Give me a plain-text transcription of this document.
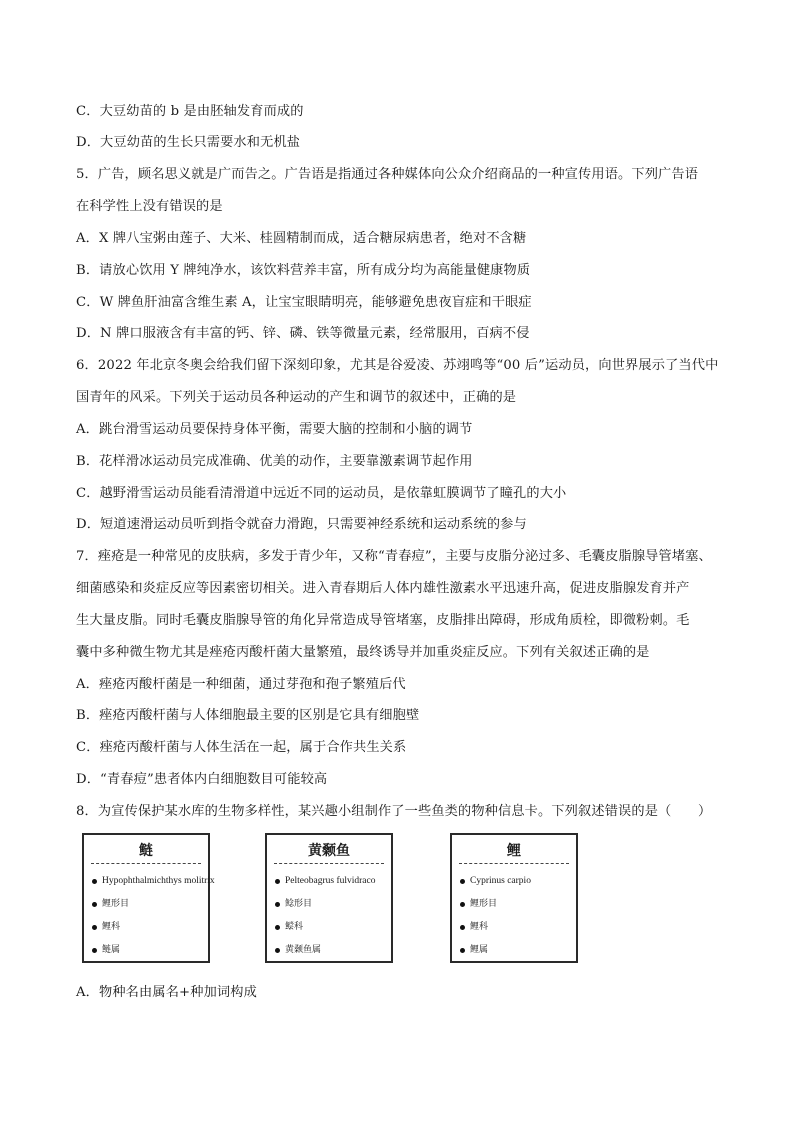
C．大豆幼苗的 b 是由胚轴发育而成的
D．大豆幼苗的生长只需要水和无机盐
5．广告，顾名思义就是广而告之。广告语是指通过各种媒体向公众介绍商品的一种宣传用语。下列广告语
在科学性上没有错误的是
A．X 牌八宝粥由莲子、大米、桂圆精制而成，适合糖尿病患者，绝对不含糖
B．请放心饮用 Y 牌纯净水，该饮料营养丰富，所有成分均为高能量健康物质
C．W 牌鱼肝油富含维生素 A，让宝宝眼睛明亮，能够避免患夜盲症和干眼症
D．N 牌口服液含有丰富的钙、锌、磷、铁等微量元素，经常服用，百病不侵
6．2022 年北京冬奥会给我们留下深刻印象，尤其是谷爱凌、苏翊鸣等“00 后”运动员，向世界展示了当代中
国青年的风采。下列关于运动员各种运动的产生和调节的叙述中，正确的是
A．跳台滑雪运动员要保持身体平衡，需要大脑的控制和小脑的调节
B．花样滑冰运动员完成准确、优美的动作，主要靠激素调节起作用
C．越野滑雪运动员能看清滑道中远近不同的运动员，是依靠虹膜调节了瞳孔的大小
D．短道速滑运动员听到指令就奋力滑跑，只需要神经系统和运动系统的参与
7．痤疮是一种常见的皮肤病，多发于青少年，又称“青春痘”，主要与皮脂分泌过多、毛囊皮脂腺导管堵塞、
细菌感染和炎症反应等因素密切相关。进入青春期后人体内雄性激素水平迅速升高，促进皮脂腺发育并产
生大量皮脂。同时毛囊皮脂腺导管的角化异常造成导管堵塞，皮脂排出障碍，形成角质栓，即微粉刺。毛
囊中多种微生物尤其是痤疮丙酸杆菌大量繁殖，最终诱导并加重炎症反应。下列有关叙述正确的是
A．痤疮丙酸杆菌是一种细菌，通过芽孢和孢子繁殖后代
B．痤疮丙酸杆菌与人体细胞最主要的区别是它具有细胞壁
C．痤疮丙酸杆菌与人体生活在一起，属于合作共生关系
D．“青春痘”患者体内白细胞数目可能较高
8．为宣传保护某水库的生物多样性，某兴趣小组制作了一些鱼类的物种信息卡。下列叙述错误的是（　　）
A．物种名由属名+种加词构成
鲢
Hypophthalmichthys molitrix
鲤形目
鲤科
鲢属
黄颡鱼
Pelteobagrus fulvidraco
鲶形目
鲿科
黄颡鱼属
鲤
Cyprinus carpio
鲤形目
鲤科
鲤属
